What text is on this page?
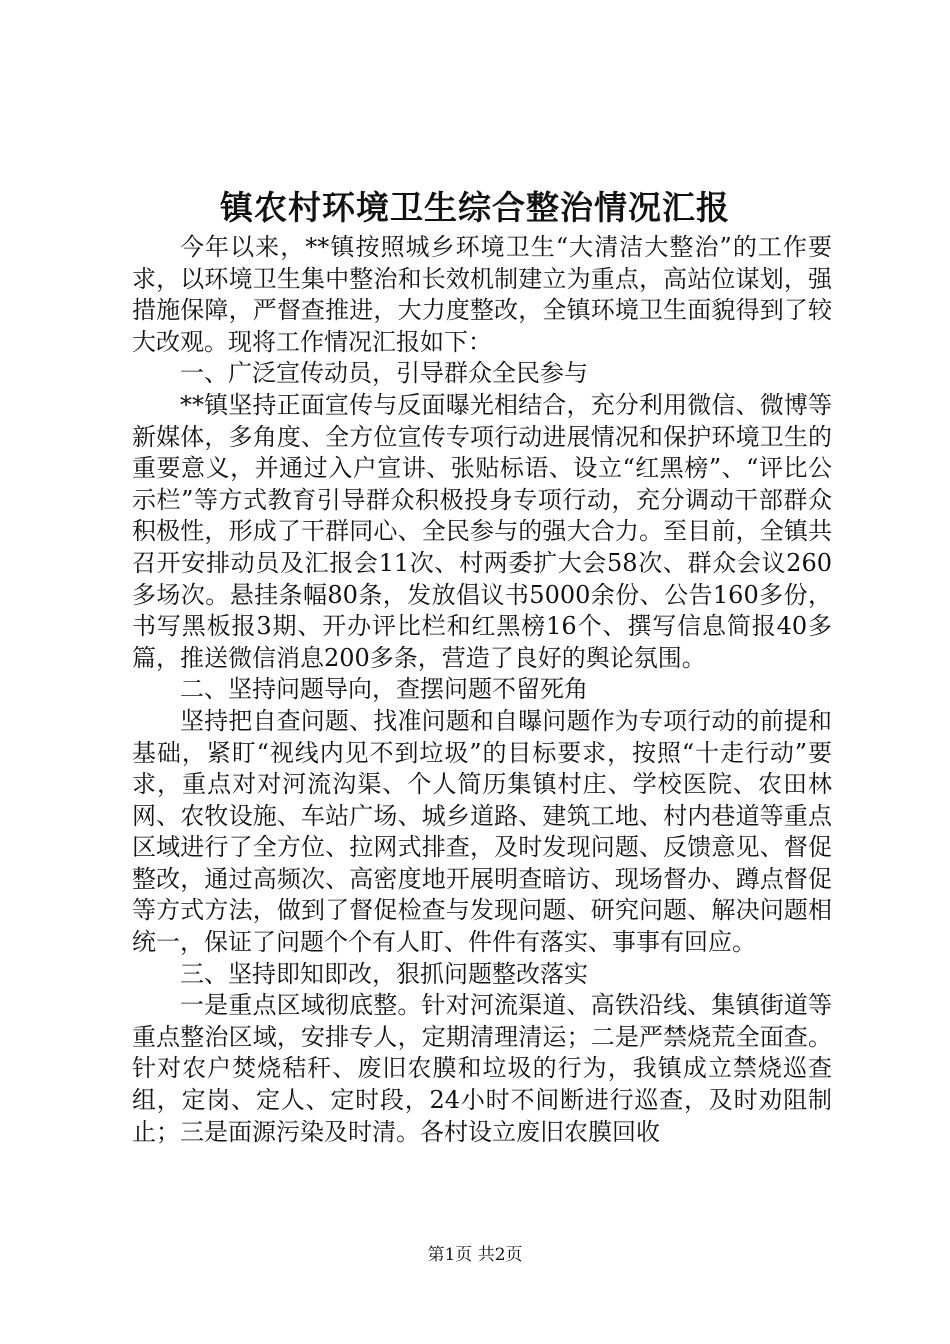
镇农村环境卫生综合整治情况汇报

今年以来，**镇按照城乡环境卫生“大清洁大整治”的工作要求，以环境卫生集中整治和长效机制建立为重点，高站位谋划，强措施保障，严督查推进，大力度整改，全镇环境卫生面貌得到了较大改观。现将工作情况汇报如下：

一、广泛宣传动员，引导群众全民参与

**镇坚持正面宣传与反面曝光相结合，充分利用微信、微博等新媒体，多角度、全方位宣传专项行动进展情况和保护环境卫生的重要意义，并通过入户宣讲、张贴标语、设立“红黑榜”、“评比公示栏”等方式教育引导群众积极投身专项行动，充分调动干部群众积极性，形成了干群同心、全民参与的强大合力。至目前，全镇共召开安排动员及汇报会11次、村两委扩大会58次、群众会议260多场次。悬挂条幅80条，发放倡议书5000余份、公告160多份，书写黑板报3期、开办评比栏和红黑榜16个、撰写信息简报40多篇，推送微信消息200多条，营造了良好的舆论氛围。

二、坚持问题导向，查摆问题不留死角

坚持把自查问题、找准问题和自曝问题作为专项行动的前提和基础，紧盯“视线内见不到垃圾”的目标要求，按照“十走行动”要求，重点对对河流沟渠、个人简历集镇村庄、学校医院、农田林网、农牧设施、车站广场、城乡道路、建筑工地、村内巷道等重点区域进行了全方位、拉网式排查，及时发现问题、反馈意见、督促整改，通过高频次、高密度地开展明查暗访、现场督办、蹲点督促等方式方法，做到了督促检查与发现问题、研究问题、解决问题相统一，保证了问题个个有人盯、件件有落实、事事有回应。

三、坚持即知即改，狠抓问题整改落实

一是重点区域彻底整。针对河流渠道、高铁沿线、集镇街道等重点整治区域，安排专人，定期清理清运；二是严禁烧荒全面查。针对农户焚烧秸秆、废旧农膜和垃圾的行为，我镇成立禁烧巡查组，定岗、定人、定时段，24小时不间断进行巡查，及时劝阻制止；三是面源污染及时清。各村设立废旧农膜回收

第1页 共2页
